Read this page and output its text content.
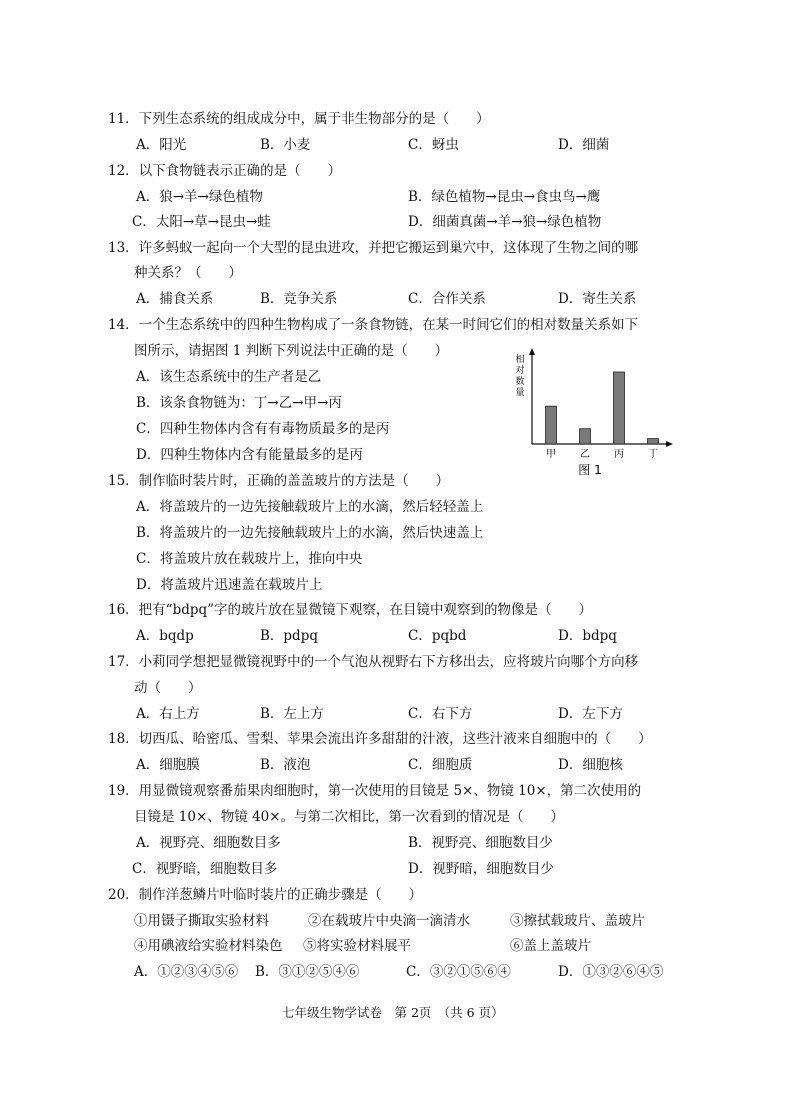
11．下列生态系统的组成成分中，属于非生物部分的是（　　）
A．阳光	B．小麦	C．蚜虫	D．细菌
12．以下食物链表示正确的是（　　）
A．狼→羊→绿色植物	B．绿色植物→昆虫→食虫鸟→鹰
C．太阳→草→昆虫→蛙	D．细菌真菌→羊→狼→绿色植物
13．许多蚂蚁一起向一个大型的昆虫进攻，并把它搬运到巢穴中，这体现了生物之间的哪
种关系？（　　）
A．捕食关系	B．竞争关系	C．合作关系	D．寄生关系
14．一个生态系统中的四种生物构成了一条食物链，在某一时间它们的相对数量关系如下
图所示，请据图 1 判断下列说法中正确的是（　　）
A．该生态系统中的生产者是乙
B．该条食物链为：丁→乙→甲→丙
C．四种生物体内含有有毒物质最多的是丙
D．四种生物体内含有能量最多的是丙
相
对
数
量
甲 乙 丙 丁
图 1
15．制作临时装片时，正确的盖盖玻片的方法是（　　）
A．将盖玻片的一边先接触载玻片上的水滴，然后轻轻盖上
B．将盖玻片的一边先接触载玻片上的水滴，然后快速盖上
C．将盖玻片放在载玻片上，推向中央
D．将盖玻片迅速盖在载玻片上
16．把有“bdpq”字的玻片放在显微镜下观察，在目镜中观察到的物像是（　　）
A．bqdp	B．pdpq	C．pqbd	D．bdpq
17．小莉同学想把显微镜视野中的一个气泡从视野右下方移出去，应将玻片向哪个方向移
动（　　）
A．右上方	B．左上方	C．右下方	D．左下方
18．切西瓜、哈密瓜、雪梨、苹果会流出许多甜甜的汁液，这些汁液来自细胞中的（　　）
A．细胞膜	B．液泡	C．细胞质	D．细胞核
19．用显微镜观察番茄果肉细胞时，第一次使用的目镜是 5×、物镜 10×，第二次使用的
目镜是 10×、物镜 40×。与第二次相比，第一次看到的情况是（　　）
A．视野亮、细胞数目多	B．视野亮、细胞数目少
C．视野暗，细胞数目多	D．视野暗，细胞数目少
20．制作洋葱鳞片叶临时装片的正确步骤是（　　）
①用镊子撕取实验材料	②在载玻片中央滴一滴清水	③擦拭载玻片、盖玻片
④用碘液给实验材料染色 ⑤将实验材料展平	⑥盖上盖玻片
A．①②③④⑤⑥ B．③①②⑤④⑥	C．③②①⑤⑥④	D．①③②⑥④⑤
七年级生物学试卷　第 2页　（共 6 页）
